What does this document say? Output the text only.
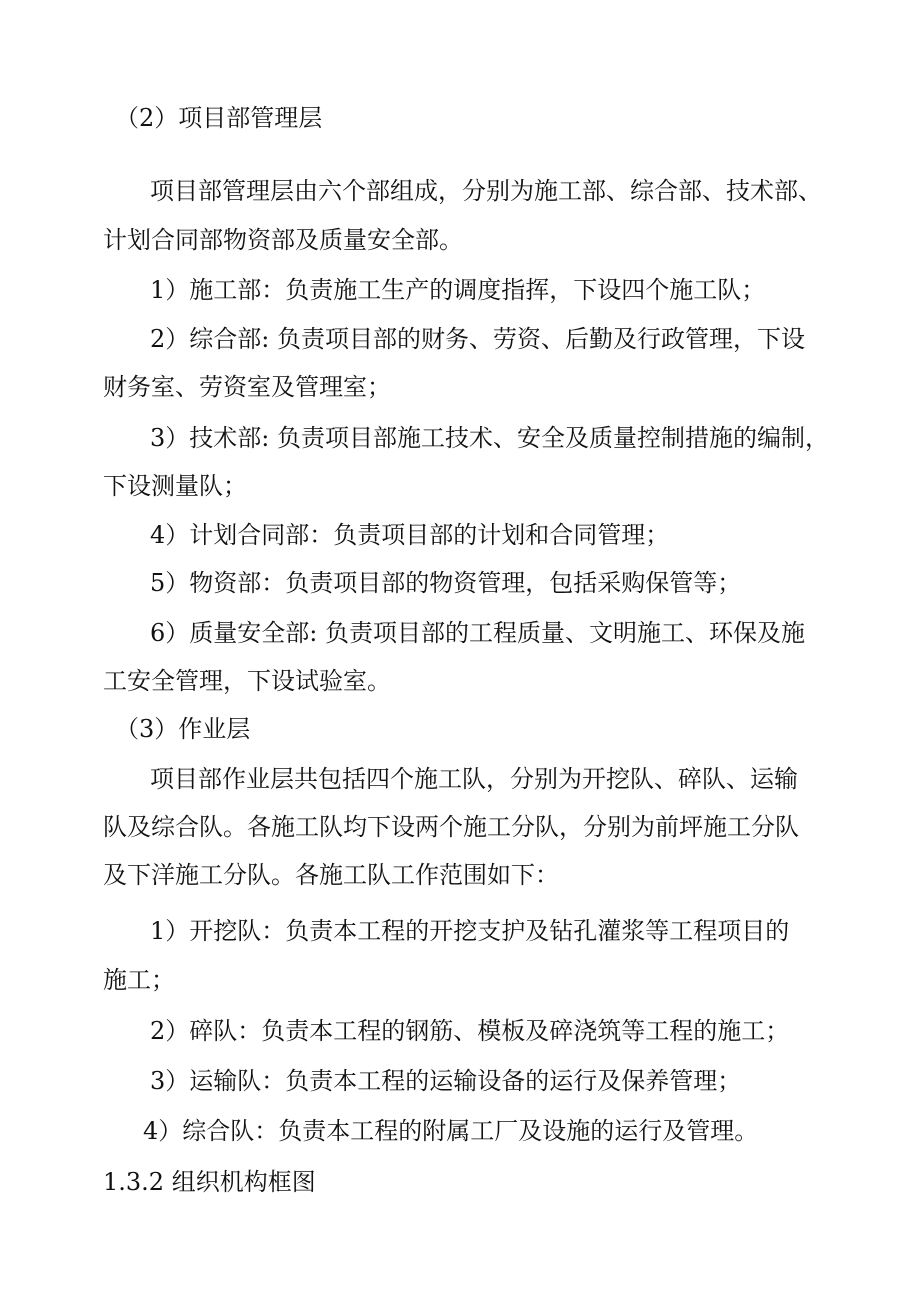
（2）项目部管理层
项目部管理层由六个部组成，分别为施工部、综合部、技术部、
计划合同部物资部及质量安全部。
1）施工部：负责施工生产的调度指挥，下设四个施工队；
2）综合部: 负责项目部的财务、劳资、后勤及行政管理，下设
财务室、劳资室及管理室；
3）技术部: 负责项目部施工技术、安全及质量控制措施的编制，
下设测量队；
4）计划合同部：负责项目部的计划和合同管理；
5）物资部：负责项目部的物资管理，包括采购保管等；
6）质量安全部: 负责项目部的工程质量、文明施工、环保及施
工安全管理，下设试验室。
（3）作业层
项目部作业层共包括四个施工队，分别为开挖队、碎队、运输
队及综合队。各施工队均下设两个施工分队，分别为前坪施工分队
及下洋施工分队。各施工队工作范围如下：
1）开挖队：负责本工程的开挖支护及钻孔灌浆等工程项目的
施工；
2）碎队：负责本工程的钢筋、模板及碎浇筑等工程的施工；
3）运输队：负责本工程的运输设备的运行及保养管理；
4）综合队：负责本工程的附属工厂及设施的运行及管理。
1.3.2 组织机构框图
